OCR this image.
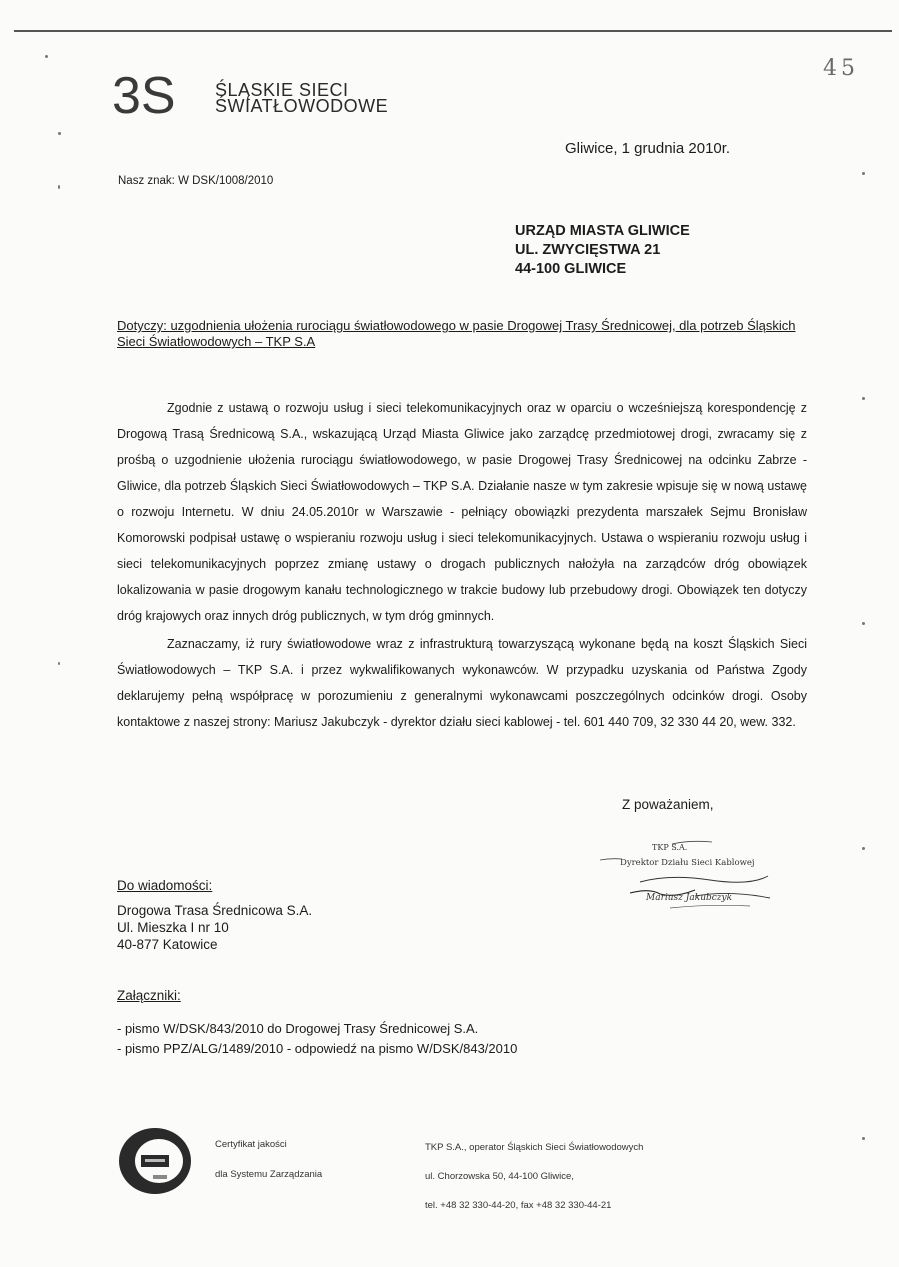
45
3S ŚLĄSKIE SIECI
ŚWIATŁOWODOWE
Gliwice, 1 grudnia 2010r.
Nasz znak: W DSK/1008/2010
URZĄD MIASTA GLIWICE
UL. ZWYCIĘSTWA 21
44-100 GLIWICE
Dotyczy: uzgodnienia ułożenia rurociągu światłowodowego w pasie Drogowej Trasy Średnicowej, dla potrzeb Śląskich Sieci Światłowodowych – TKP S.A

Zgodnie z ustawą o rozwoju usług i sieci telekomunikacyjnych oraz w oparciu o wcześniejszą korespondencję z Drogową Trasą Średnicową S.A., wskazującą Urząd Miasta Gliwice jako zarządcę przedmiotowej drogi, zwracamy się z prośbą o uzgodnienie ułożenia rurociągu światłowodowego, w pasie Drogowej Trasy Średnicowej na odcinku Zabrze - Gliwice, dla potrzeb Śląskich Sieci Światłowodowych – TKP S.A. Działanie nasze w tym zakresie wpisuje się w nową ustawę o rozwoju Internetu. W dniu 24.05.2010r w Warszawie - pełniący obowiązki prezydenta marszałek Sejmu Bronisław Komorowski podpisał ustawę o wspieraniu rozwoju usług i sieci telekomunikacyjnych. Ustawa o wspieraniu rozwoju usług i sieci telekomunikacyjnych poprzez zmianę ustawy o drogach publicznych nałożyła na zarządców dróg obowiązek lokalizowania w pasie drogowym kanału technologicznego w trakcie budowy lub przebudowy drogi. Obowiązek ten dotyczy dróg krajowych oraz innych dróg publicznych, w tym dróg gminnych.

Zaznaczamy, iż rury światłowodowe wraz z infrastrukturą towarzyszącą wykonane będą na koszt Śląskich Sieci Światłowodowych – TKP S.A. i przez wykwalifikowanych wykonawców. W przypadku uzyskania od Państwa Zgody deklarujemy pełną współpracę w porozumieniu z generalnymi wykonawcami poszczególnych odcinków drogi. Osoby kontaktowe z naszej strony: Mariusz Jakubczyk - dyrektor działu sieci kablowej - tel. 601 440 709, 32 330 44 20, wew. 332.

Z poważaniem,
TKP S.A.
Dyrektor Działu Sieci Kablowej
Mariusz Jakubczyk
Do wiadomości:
Drogowa Trasa Średnicowa S.A.
Ul. Mieszka I nr 10
40-877 Katowice
Załączniki:
- pismo W/DSK/843/2010 do Drogowej Trasy Średnicowej S.A.
- pismo PPZ/ALG/1489/2010 - odpowiedź na pismo W/DSK/843/2010
Certyfikat jakości
dla Systemu Zarządzania
TKP S.A., operator Śląskich Sieci Światłowodowych
ul. Chorzowska 50, 44-100 Gliwice,
tel. +48 32 330-44-20, fax +48 32 330-44-21
